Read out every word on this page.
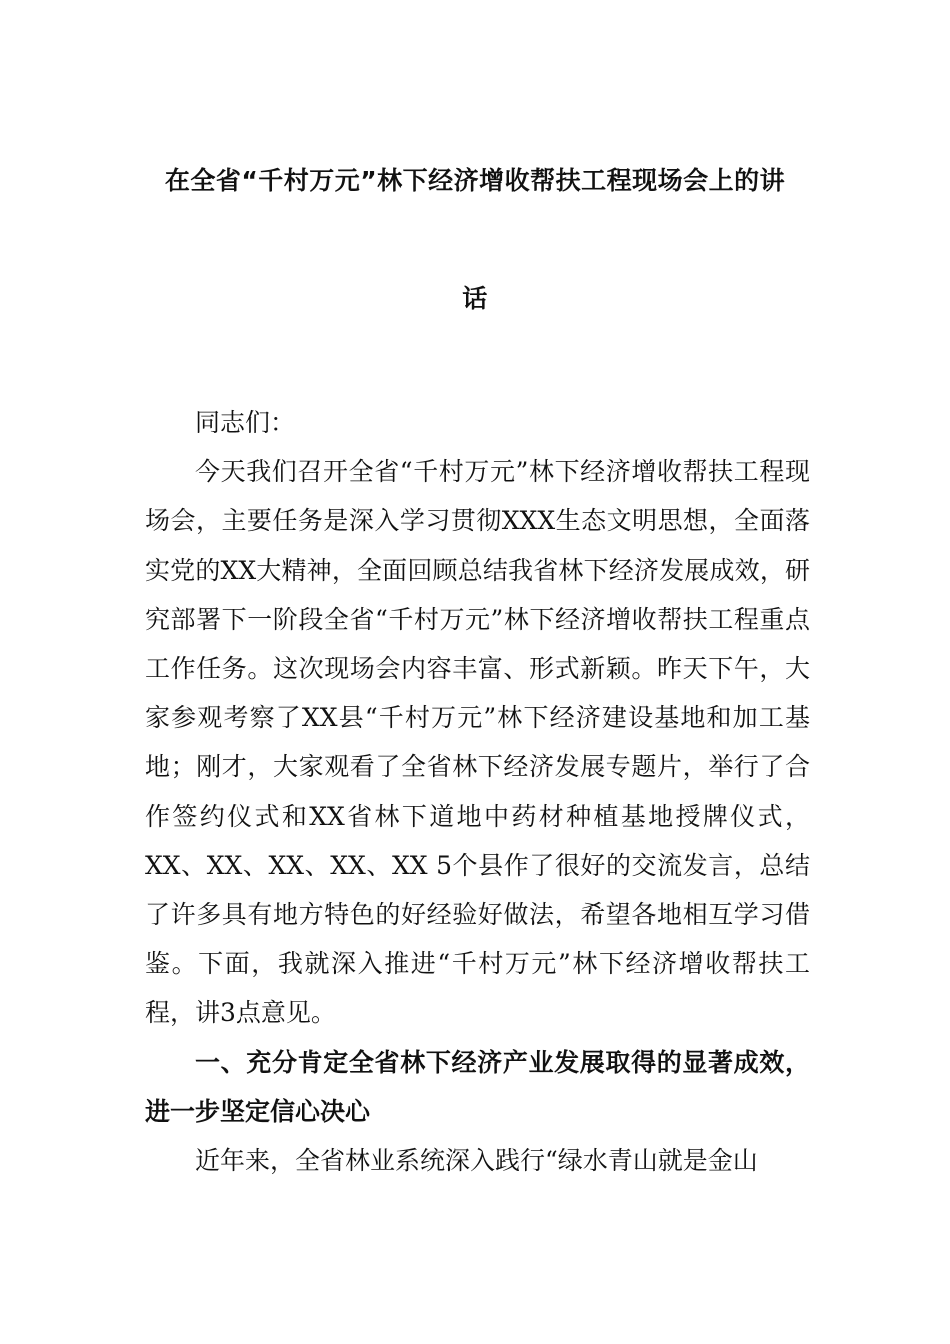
在全省“千村万元”林下经济增收帮扶工程现场会上的讲
话

同志们：

今天我们召开全省“千村万元”林下经济增收帮扶工程现场会，主要任务是深入学习贯彻XXX生态文明思想，全面落实党的XX大精神，全面回顾总结我省林下经济发展成效，研究部署下一阶段全省“千村万元”林下经济增收帮扶工程重点工作任务。这次现场会内容丰富、形式新颖。昨天下午，大家参观考察了XX县“千村万元”林下经济建设基地和加工基地；刚才，大家观看了全省林下经济发展专题片，举行了合作签约仪式和XX省林下道地中药材种植基地授牌仪式，XX、XX、XX、XX、XX 5个县作了很好的交流发言，总结了许多具有地方特色的好经验好做法，希望各地相互学习借鉴。下面，我就深入推进“千村万元”林下经济增收帮扶工程，讲3点意见。

一、充分肯定全省林下经济产业发展取得的显著成效，进一步坚定信心决心

近年来，全省林业系统深入践行“绿水青山就是金山
